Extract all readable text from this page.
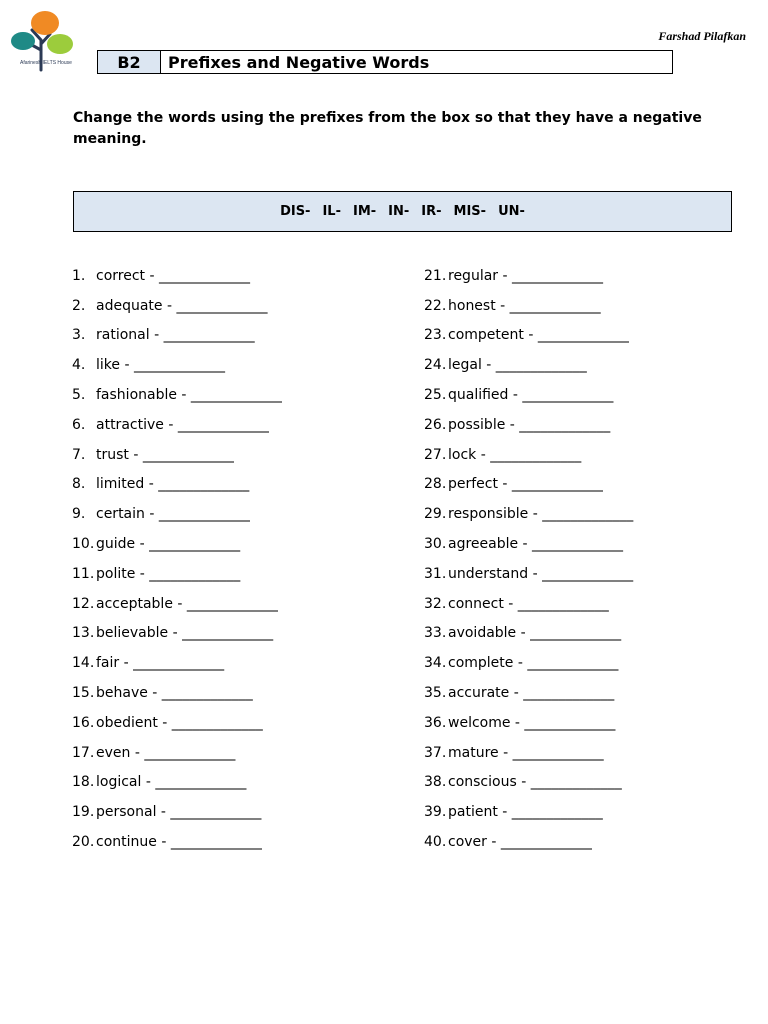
Afarinesh IELTS House
Farshad Pilafkan
B2	Prefixes and Negative Words
Change the words using the prefixes from the box so that they have a negative meaning.
DIS- IL- IM- IN- IR- MIS- UN-
1. correct - _____________
2. adequate - _____________
3. rational - _____________
4. like - _____________
5. fashionable - _____________
6. attractive - _____________
7. trust - _____________
8. limited - _____________
9. certain - _____________
10. guide - _____________
11. polite - _____________
12. acceptable - _____________
13. believable - _____________
14. fair - _____________
15. behave - _____________
16. obedient - _____________
17. even - _____________
18. logical - _____________
19. personal - _____________
20. continue - _____________
21. regular - _____________
22. honest - _____________
23. competent - _____________
24. legal - _____________
25. qualified - _____________
26. possible - _____________
27. lock - _____________
28. perfect - _____________
29. responsible - _____________
30. agreeable - _____________
31. understand - _____________
32. connect - _____________
33. avoidable - _____________
34. complete - _____________
35. accurate - _____________
36. welcome - _____________
37. mature - _____________
38. conscious - _____________
39. patient - _____________
40. cover - _____________
